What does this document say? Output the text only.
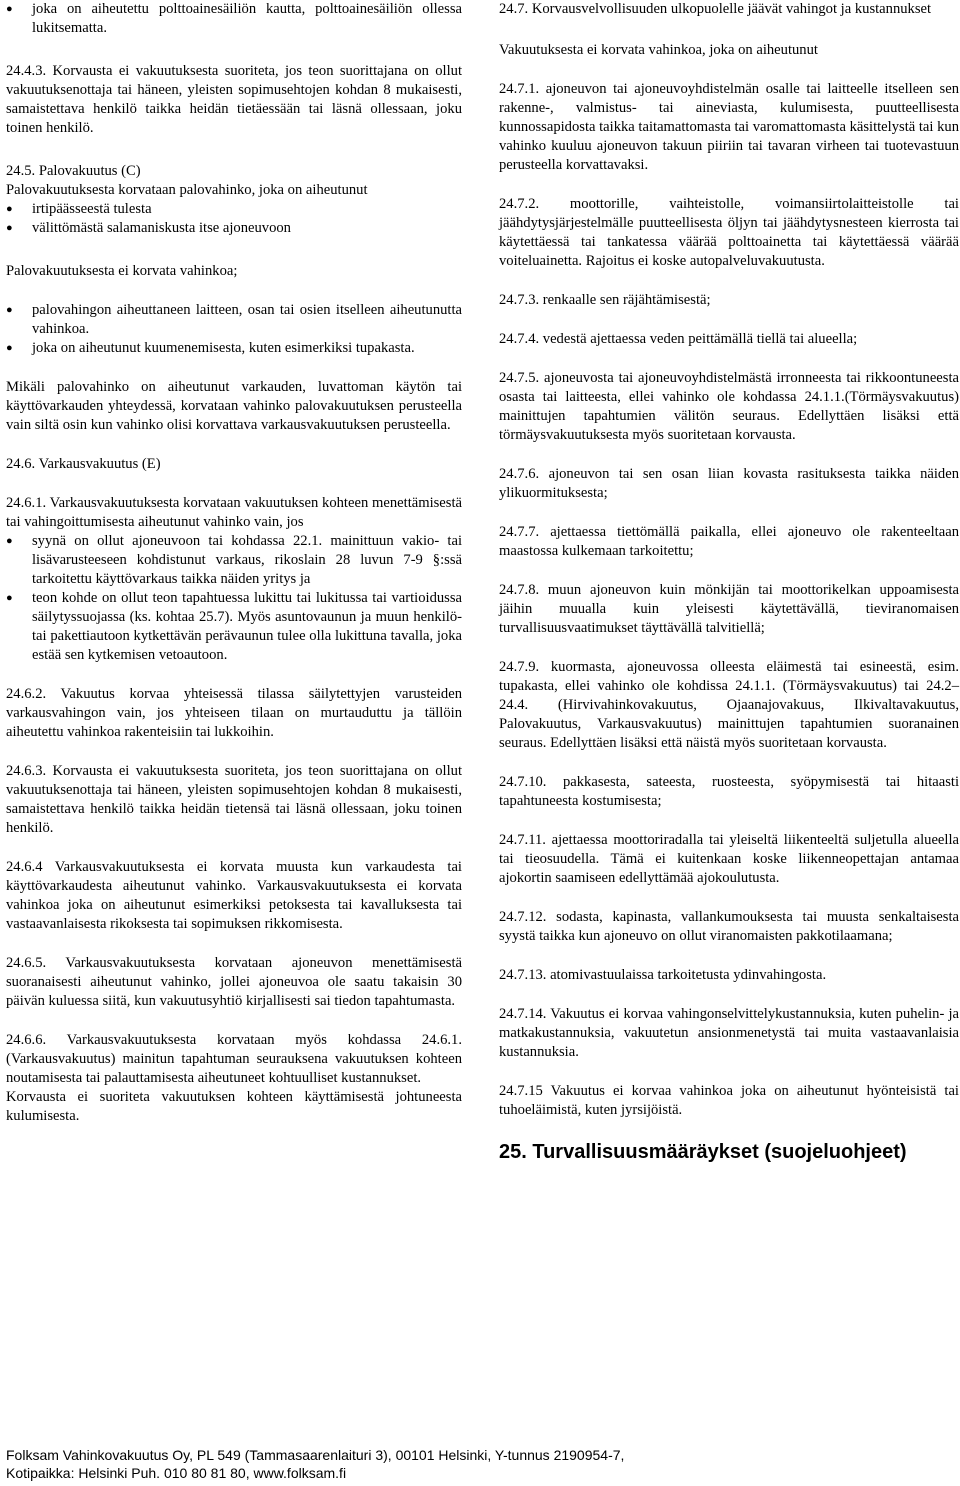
●	joka on aiheutettu polttoainesäiliön kautta, polttoainesäiliön ollessa lukitsematta.

24.4.3. Korvausta ei vakuutuksesta suoriteta, jos teon suorittajana on ollut vakuutuksenottaja tai häneen, yleisten sopimusehtojen kohdan 8 mukaisesti, samaistettava henkilö taikka heidän tietäessään tai läsnä ollessaan, joku toinen henkilö.

24.5. Palovakuutus (C)

Palovakuutuksesta korvataan palovahinko, joka on aiheutunut

●	irtipäässeestä tulesta
●	välittömästä salamaniskusta itse ajoneuvoon

Palovakuutuksesta ei korvata vahinkoa;

●	palovahingon aiheuttaneen laitteen, osan tai osien itselleen aiheutunutta vahinkoa.
●	joka on aiheutunut kuumenemisesta, kuten esimerkiksi tupakasta.

Mikäli palovahinko on aiheutunut varkauden, luvattoman käytön tai käyttövarkauden yhteydessä, korvataan vahinko palovakuutuksen perusteella vain siltä osin kun vahinko olisi korvattava varkausvakuutuksen perusteella.

24.6. Varkausvakuutus (E)

24.6.1. Varkausvakuutuksesta korvataan vakuutuksen kohteen menettämisestä tai vahingoittumisesta aiheutunut vahinko vain, jos

●	syynä on ollut ajoneuvoon tai kohdassa 22.1. mainittuun vakio- tai lisävarusteeseen kohdistunut varkaus, rikoslain 28 luvun 7-9 §:ssä tarkoitettu käyttövarkaus taikka näiden yritys ja
●	teon kohde on ollut teon tapahtuessa lukittu tai lukitussa tai vartioidussa säilytyssuojassa (ks. kohtaa 25.7). Myös asuntovaunun ja muun henkilö- tai pakettiautoon kytkettävän perävaunun tulee olla lukittuna tavalla, joka estää sen kytkemisen vetoautoon.

24.6.2. Vakuutus korvaa yhteisessä tilassa säilytettyjen varusteiden varkausvahingon vain, jos yhteiseen tilaan on murtauduttu ja tällöin aiheutettu vahinkoa rakenteisiin tai lukkoihin.

24.6.3. Korvausta ei vakuutuksesta suoriteta, jos teon suorittajana on ollut vakuutuksenottaja tai häneen, yleisten sopimusehtojen kohdan 8 mukaisesti, samaistettava henkilö taikka heidän tietensä tai läsnä ollessaan, joku toinen henkilö.

24.6.4 Varkausvakuutuksesta ei korvata muusta kun varkaudesta tai käyttövarkaudesta aiheutunut vahinko. Varkausvakuutuksesta ei korvata vahinkoa joka on aiheutunut esimerkiksi petoksesta tai kavalluksesta tai vastaavanlaisesta rikoksesta tai sopimuksen rikkomisesta.

24.6.5. Varkausvakuutuksesta korvataan ajoneuvon menettämisestä suoranaisesti aiheutunut vahinko, jollei ajoneuvoa ole saatu takaisin 30 päivän kuluessa siitä, kun vakuutusyhtiö kirjallisesti sai tiedon tapahtumasta.

24.6.6. Varkausvakuutuksesta korvataan myös kohdassa 24.6.1. (Varkausvakuutus) mainitun tapahtuman seurauksena vakuutuksen kohteen noutamisesta tai palauttamisesta aiheutuneet kohtuulliset kustannukset.

Korvausta ei suoriteta vakuutuksen kohteen käyttämisestä johtuneesta kulumisesta.

24.7. Korvausvelvollisuuden ulkopuolelle jäävät vahingot ja kustannukset

Vakuutuksesta ei korvata vahinkoa, joka on aiheutunut

24.7.1. ajoneuvon tai ajoneuvoyhdistelmän osalle tai laitteelle itselleen sen rakenne-, valmistus- tai aineviasta, kulumisesta, puutteellisesta kunnossapidosta taikka taitamattomasta tai varomattomasta käsittelystä tai kun vahinko kuuluu ajoneuvon takuun piiriin tai tavaran virheen tai tuotevastuun perusteella korvattavaksi.

24.7.2. moottorille, vaihteistolle, voimansiirtolaitteistolle tai jäähdytysjärjestelmälle puutteellisesta öljyn tai jäähdytysnesteen kierrosta tai käytettäessä tai tankatessa väärää polttoainetta tai käytettäessä väärää voiteluainetta. Rajoitus ei koske autopalveluvakuutusta.

24.7.3. renkaalle sen räjähtämisestä;

24.7.4. vedestä ajettaessa veden peittämällä tiellä tai alueella;

24.7.5. ajoneuvosta tai ajoneuvoyhdistelmästä irronneesta tai rikkoontuneesta osasta tai laitteesta, ellei vahinko ole kohdassa 24.1.1.(Törmäysvakuutus) mainittujen tapahtumien välitön seuraus. Edellyttäen lisäksi että törmäysvakuutuksesta myös suoritetaan korvausta.

24.7.6. ajoneuvon tai sen osan liian kovasta rasituksesta taikka näiden ylikuormituksesta;

24.7.7. ajettaessa tiettömällä paikalla, ellei ajoneuvo ole rakenteeltaan maastossa kulkemaan tarkoitettu;

24.7.8. muun ajoneuvon kuin mönkijän tai moottorikelkan uppoamisesta jäihin muualla kuin yleisesti käytettävällä, tieviranomaisen turvallisuusvaatimukset täyttävällä talvitiellä;

24.7.9. kuormasta, ajoneuvossa olleesta eläimestä tai esineestä, esim. tupakasta, ellei vahinko ole kohdissa 24.1.1. (Törmäysvakuutus) tai 24.2–24.4. (Hirvivahinkovakuutus, Ojaanajovakuus, Ilkivaltavakuutus, Palovakuutus, Varkausvakuutus) mainittujen tapahtumien suoranainen seuraus. Edellyttäen lisäksi että näistä myös suoritetaan korvausta.

24.7.10. pakkasesta, sateesta, ruosteesta, syöpymisestä tai hitaasti tapahtuneesta kostumisesta;

24.7.11. ajettaessa moottoriradalla tai yleiseltä liikenteeltä suljetulla alueella tai tieosuudella. Tämä ei kuitenkaan koske liikenneopettajan antamaa ajokortin saamiseen edellyttämää ajokoulutusta.

24.7.12. sodasta, kapinasta, vallankumouksesta tai muusta senkaltaisesta syystä taikka kun ajoneuvo on ollut viranomaisten pakkotilaamana;

24.7.13. atomivastuulaissa tarkoitetusta ydinvahingosta.

24.7.14. Vakuutus ei korvaa vahingonselvittelykustannuksia, kuten puhelin- ja matkakustannuksia, vakuutetun ansionmenetystä tai muita vastaavanlaisia kustannuksia.

24.7.15 Vakuutus ei korvaa vahinkoa joka on aiheutunut hyönteisistä tai tuhoeläimistä, kuten jyrsijöistä.

25. Turvallisuusmääräykset (suojeluohjeet)

Folksam Vahinkovakuutus Oy, PL 549 (Tammasaarenlaituri 3), 00101 Helsinki, Y-tunnus 2190954-7,

Kotipaikka: Helsinki Puh. 010 80 81 80, www.folksam.fi
